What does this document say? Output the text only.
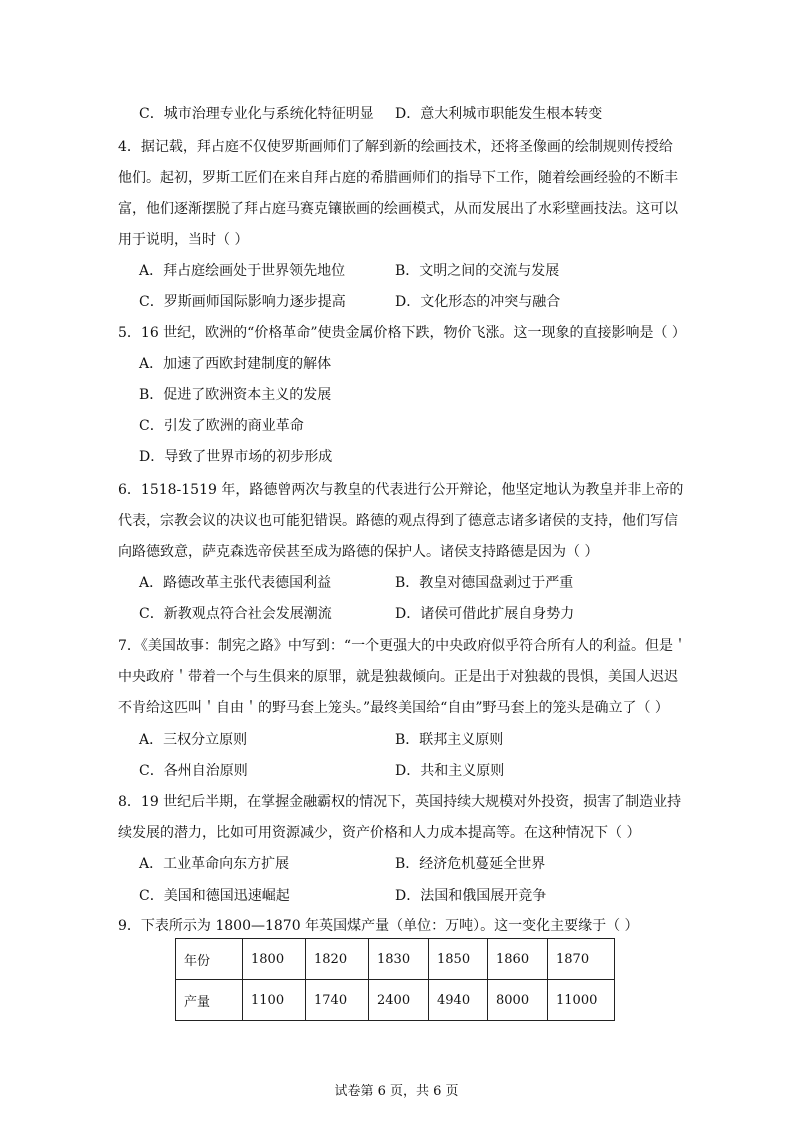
C．城市治理专业化与系统化特征明显 D．意大利城市职能发生根本转变
4．据记载，拜占庭不仅使罗斯画师们了解到新的绘画技术，还将圣像画的绘制规则传授给
他们。起初，罗斯工匠们在来自拜占庭的希腊画师们的指导下工作，随着绘画经验的不断丰
富，他们逐渐摆脱了拜占庭马赛克镶嵌画的绘画模式，从而发展出了水彩壁画技法。这可以
用于说明，当时（ ）
A．拜占庭绘画处于世界领先地位	B．文明之间的交流与发展
C．罗斯画师国际影响力逐步提高	D．文化形态的冲突与融合
5．16 世纪，欧洲的“价格革命”使贵金属价格下跌，物价飞涨。这一现象的直接影响是（ ）
A．加速了西欧封建制度的解体
B．促进了欧洲资本主义的发展
C．引发了欧洲的商业革命
D．导致了世界市场的初步形成
6．1518-1519 年，路德曾两次与教皇的代表进行公开辩论，他坚定地认为教皇并非上帝的
代表，宗教会议的决议也可能犯错误。路德的观点得到了德意志诸多诸侯的支持，他们写信
向路德致意，萨克森选帝侯甚至成为路德的保护人。诸侯支持路德是因为（ ）
A．路德改革主张代表德国利益	B．教皇对德国盘剥过于严重
C．新教观点符合社会发展潮流	D．诸侯可借此扩展自身势力
7．《美国故事：制宪之路》中写到：“一个更强大的中央政府似乎符合所有人的利益。但是＇
中央政府＇带着一个与生俱来的原罪，就是独裁倾向。正是出于对独裁的畏惧，美国人迟迟
不肯给这匹叫＇自由＇的野马套上笼头。”最终美国给“自由”野马套上的笼头是确立了（ ）
A．三权分立原则	B．联邦主义原则
C．各州自治原则	D．共和主义原则
8．19 世纪后半期，在掌握金融霸权的情况下，英国持续大规模对外投资，损害了制造业持
续发展的潜力，比如可用资源减少，资产价格和人力成本提高等。在这种情况下（ ）
A．工业革命向东方扩展	B．经济危机蔓延全世界
C．美国和德国迅速崛起	D．法国和俄国展开竞争
9．下表所示为 1800—1870 年英国煤产量（单位：万吨）。这一变化主要缘于（ ）
年份	1800	1820	1830	1850	1860	1870
产量	1100	1740	2400	4940	8000	11000
试卷第 6 页，共 6 页
